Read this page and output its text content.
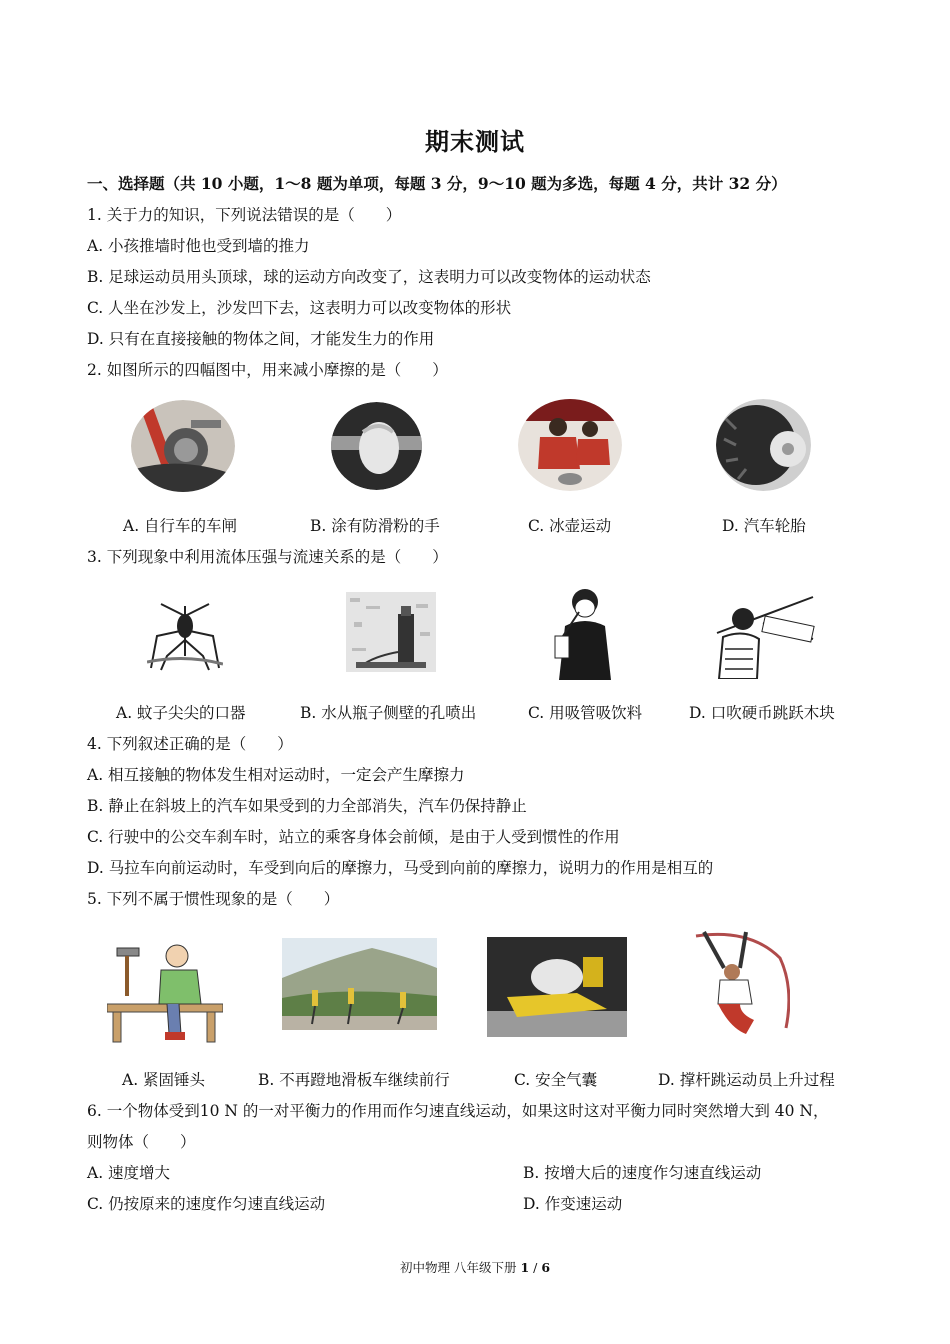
期末测试
一、选择题（共 10 小题，1～8 题为单项，每题 3 分，9～10 题为多选，每题 4 分，共计 32 分）
1. 关于力的知识，下列说法错误的是（　　）
A. 小孩推墙时他也受到墙的推力
B. 足球运动员用头顶球，球的运动方向改变了，这表明力可以改变物体的运动状态
C. 人坐在沙发上，沙发凹下去，这表明力可以改变物体的形状
D. 只有在直接接触的物体之间，才能发生力的作用
2. 如图所示的四幅图中，用来减小摩擦的是（　　）
A. 自行车的车闸	B. 涂有防滑粉的手	C. 冰壶运动	D. 汽车轮胎
3. 下列现象中利用流体压强与流速关系的是（　　）
A. 蚊子尖尖的口器	B. 水从瓶子侧壁的孔喷出	C. 用吸管吸饮料	D. 口吹硬币跳跃木块
4. 下列叙述正确的是（　　）
A. 相互接触的物体发生相对运动时，一定会产生摩擦力
B. 静止在斜坡上的汽车如果受到的力全部消失，汽车仍保持静止
C. 行驶中的公交车刹车时，站立的乘客身体会前倾，是由于人受到惯性的作用
D. 马拉车向前运动时，车受到向后的摩擦力，马受到向前的摩擦力，说明力的作用是相互的
5. 下列不属于惯性现象的是（　　）
A. 紧固锤头	B. 不再蹬地滑板车继续前行	C. 安全气囊	D. 撑杆跳运动员上升过程
6. 一个物体受到10 N 的一对平衡力的作用而作匀速直线运动，如果这时这对平衡力同时突然增大到 40 N，
则物体（　　）
A. 速度增大	B. 按增大后的速度作匀速直线运动
C. 仍按原来的速度作匀速直线运动	D. 作变速运动
初中物理 八年级下册 1 / 6
